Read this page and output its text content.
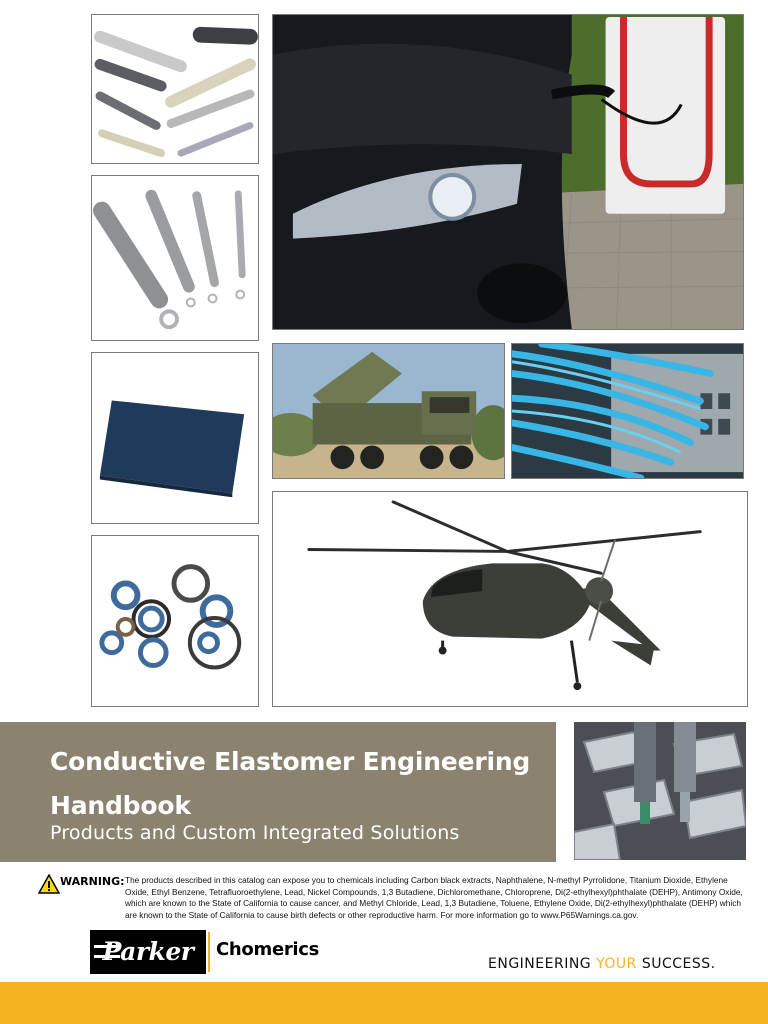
Conductive Elastomer Engineering
Handbook
Products and Custom Integrated Solutions
WARNING: The products described in this catalog can expose you to chemicals including Carbon black extracts, Naphthalene, N-methyl Pyrrolidone, Titanium Dioxide, Ethylene Oxide, Ethyl Benzene, Tetrafluoroethylene, Lead, Nickel Compounds, 1,3 Butadiene, Dichloromethane, Chloroprene, Di(2-ethylhexyl)phthalate (DEHP), Antimony Oxide, which are known to the State of California to cause cancer, and Methyl Chloride, Lead, 1,3 Butadiene, Toluene, Ethylene Oxide, Di(2-ethylhexyl)phthalate (DEHP) which are known to the State of California to cause birth defects or other reproductive harm. For more information go to www.P65Warnings.ca.gov.
Parker	Chomerics
ENGINEERING YOUR SUCCESS.
